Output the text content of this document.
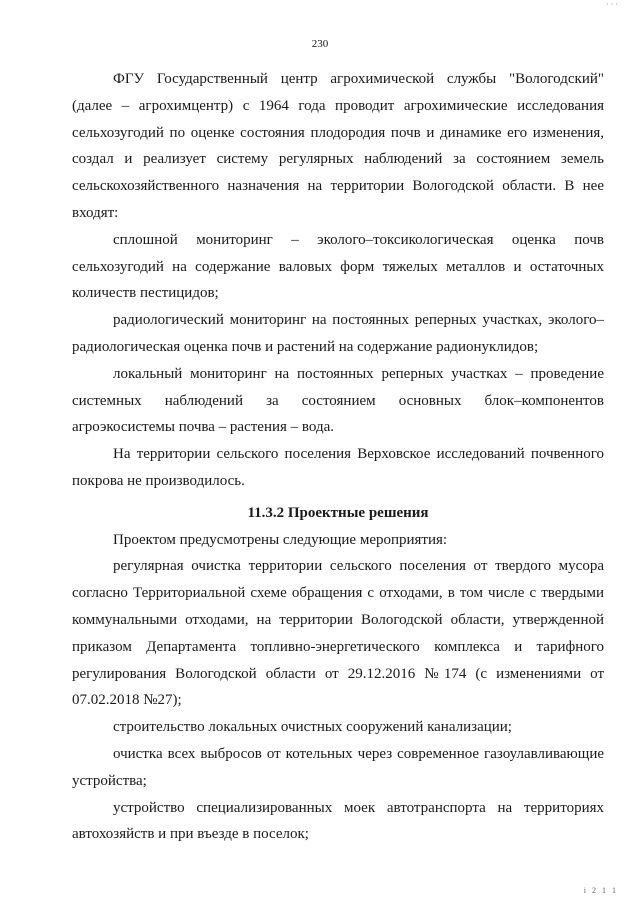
230
· · ·
ФГУ Государственный центр агрохимической службы "Вологодский"
(далее – агрохимцентр) с 1964 года проводит агрохимические исследования
сельхозугодий по оценке состояния плодородия почв и динамике его изменения,
создал и реализует систему регулярных наблюдений за состоянием земель
сельскохозяйственного назначения на территории Вологодской области. В нее
входят:
сплошной мониторинг – эколого–токсикологическая оценка почв
сельхозугодий на содержание валовых форм тяжелых металлов и остаточных
количеств пестицидов;
радиологический мониторинг на постоянных реперных участках, эколого–
радиологическая оценка почв и растений на содержание радионуклидов;
локальный мониторинг на постоянных реперных участках – проведение
системных наблюдений за состоянием основных блок–компонентов
агроэкосистемы почва – растения – вода.
На территории сельского поселения Верховское исследований почвенного
покрова не производилось.
11.3.2 Проектные решения
Проектом предусмотрены следующие мероприятия:
регулярная очистка территории сельского поселения от твердого мусора
согласно Территориальной схеме обращения с отходами, в том числе с твердыми
коммунальными отходами, на территории Вологодской области, утвержденной
приказом Департамента топливно-энергетического комплекса и тарифного
регулирования Вологодской области от 29.12.2016 №174 (с изменениями от
07.02.2018 №27);
строительство локальных очистных сооружений канализации;
очистка всех выбросов от котельных через современное газоулавливающие
устройства;
устройство специализированных моек автотранспорта на территориях
автохозяйств и при въезде в поселок;
i 2 1 1
